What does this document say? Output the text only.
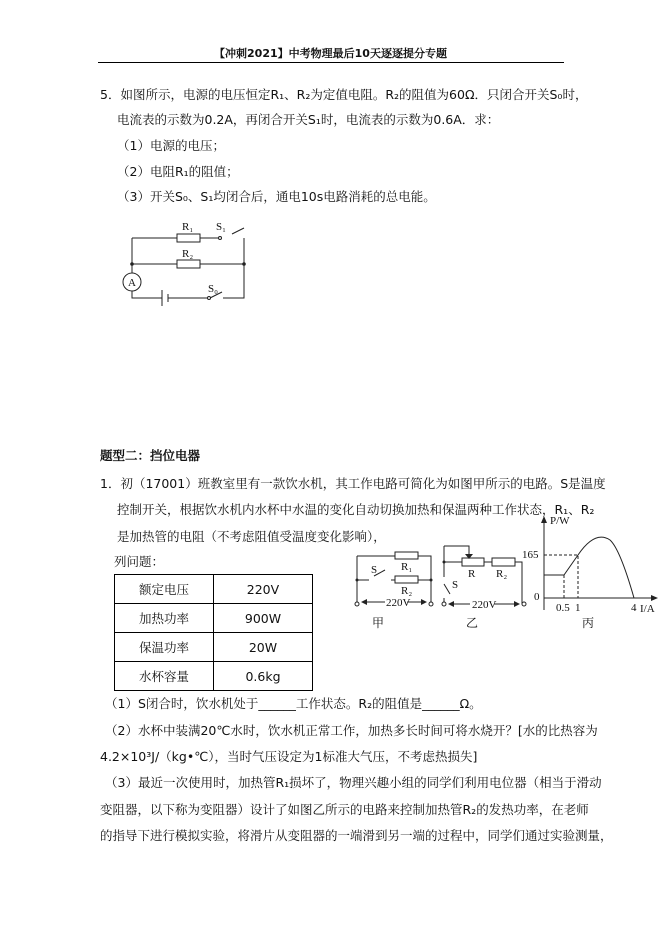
【冲刺2021】中考物理最后10天逐逐提分专题
5．如图所示，电源的电压恒定R₁、R₂为定值电阻。R₂的阻值为60Ω．只闭合开关S₀时，
电流表的示数为0.2A，再闭合开关S₁时，电流表的示数为0.6A．求：
（1）电源的电压；
（2）电阻R₁的阻值；
（3）开关S₀、S₁均闭合后，通电10s电路消耗的总电能。
A
R₁
R₂
S₁
S₀
题型二：挡位电器
1．初（17001）班教室里有一款饮水机，其工作电路可简化为如图甲所示的电路。S是温度
控制开关，根据饮水机内水杯中水温的变化自动切换加热和保温两种工作状态，R₁、R₂
是加热管的电阻（不考虑阻值受温度变化影响），
列问题：
额定电压	220V
加热功率	900W
保温功率	20W
水杯容量	0.6kg
S R₁
R₂
220V
R R₂
S
220V
P/W
165
0
0.5 1	4 I/A
甲	乙	丙
（1）S闭合时，饮水机处于______工作状态。R₂的阻值是______Ω。
（2）水杯中装满20℃水时，饮水机正常工作，加热多长时间可将水烧开？[水的比热容为
4.2×10³J/（kg•℃），当时气压设定为1标准大气压，不考虑热损失]
（3）最近一次使用时，加热管R₁损坏了，物理兴趣小组的同学们利用电位器（相当于滑动
变阻器，以下称为变阻器）设计了如图乙所示的电路来控制加热管R₂的发热功率，在老师
的指导下进行模拟实验，将滑片从变阻器的一端滑到另一端的过程中，同学们通过实验测量，
